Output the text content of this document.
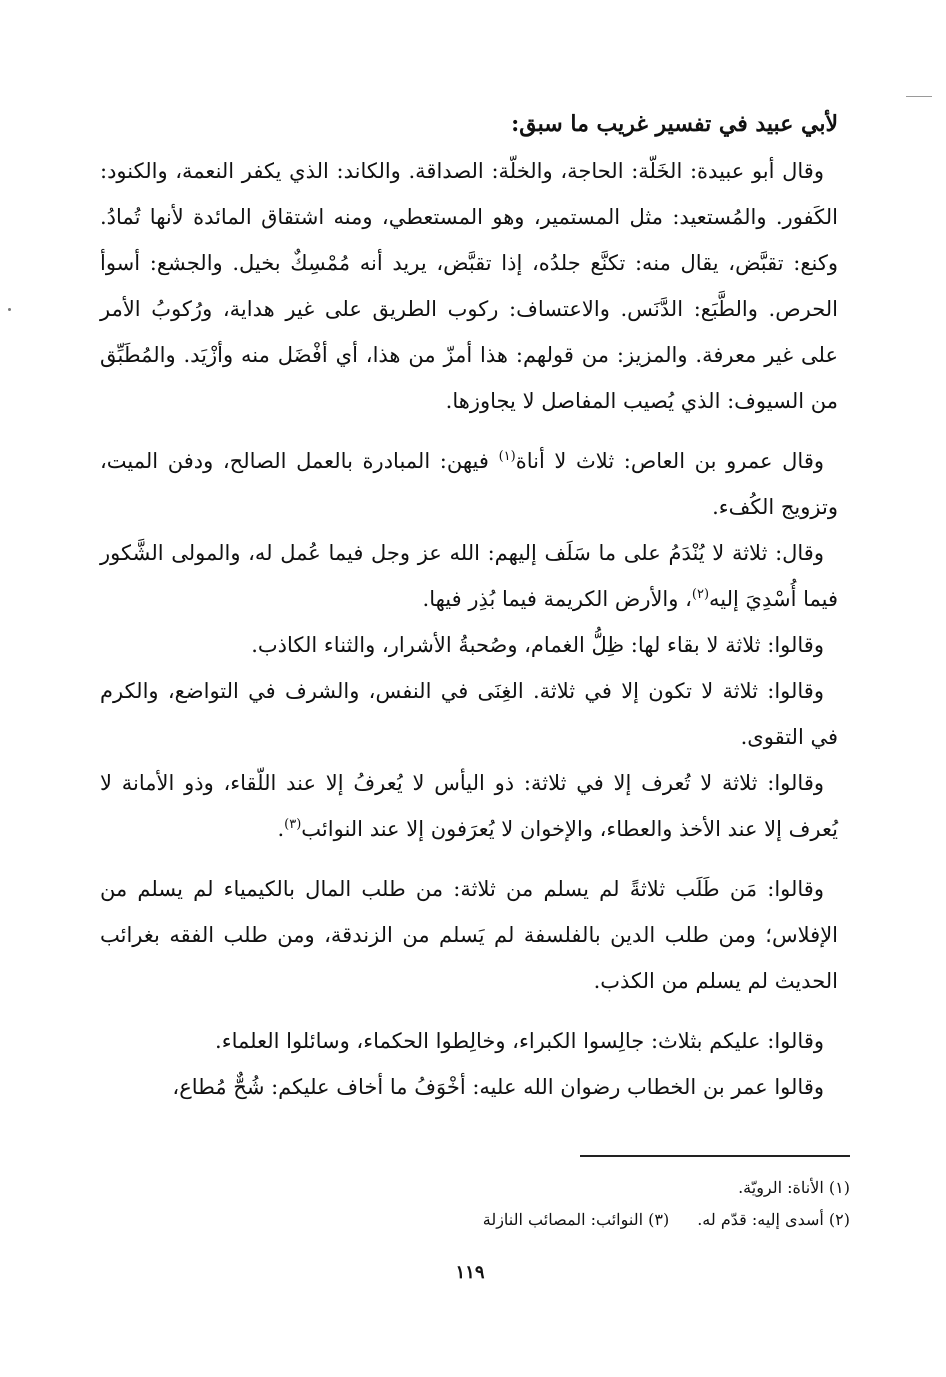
لأبي عبيد في تفسير غريب ما سبق:

وقال أبو عبيدة: الخَلّة: الحاجة، والخلّة: الصداقة. والكاند: الذي يكفر النعمة، والكنود: الكَفور. والمُستعيد: مثل المستمير، وهو المستعطي، ومنه اشتقاق المائدة لأنها تُمادُ. وكنع: تقبَّض، يقال منه: تكنَّع جلدُه، إذا تقبَّض، يريد أنه مُمْسِكٌ بخيل. والجشع: أسوأ الحرص. والطَّبَع: الدَّنَس. والاعتساف: ركوب الطريق على غير هداية، ورُكوبُ الأمر على غير معرفة. والمزيز: من قولهم: هذا أمزّ من هذا، أي أفْضَل منه وأزْيَد. والمُطَبِّق من السيوف: الذي يُصيب المفاصل لا يجاوزها.

وقال عمرو بن العاص: ثلاث لا أناة$^{(١)}$ فيهن: المبادرة بالعمل الصالح، ودفن الميت، وتزويج الكُفء.

وقال: ثلاثة لا يُنْدَمُ على ما سَلَف إليهم: الله عز وجل فيما عُمل له، والمولى الشَّكور فيما أُسْدِيَ إليه$^{(٢)}$، والأرض الكريمة فيما بُذِر فيها.

وقالوا: ثلاثة لا بقاء لها: ظِلُّ الغمام، وصُحبةُ الأشرار، والثناء الكاذب.

وقالوا: ثلاثة لا تكون إلا في ثلاثة. الغِنَى في النفس، والشرف في التواضع، والكرم في التقوى.

وقالوا: ثلاثة لا تُعرف إلا في ثلاثة: ذو اليأس لا يُعرفُ إلا عند اللّقاء، وذو الأمانة لا يُعرف إلا عند الأخذ والعطاء، والإخوان لا يُعرَفون إلا عند النوائب$^{(٣)}$.

وقالوا: مَن طَلَب ثلاثةً لم يسلم من ثلاثة: من طلب المال بالكيمياء لم يسلم من الإفلاس؛ ومن طلب الدين بالفلسفة لم يَسلم من الزندقة، ومن طلب الفقه بغرائب الحديث لم يسلم من الكذب.

وقالوا: عليكم بثلاث: جالِسوا الكبراء، وخالِطوا الحكماء، وسائلوا العلماء.

وقالوا عمر بن الخطاب رضوان الله عليه: أخْوَفُ ما أخاف عليكم: شُحٌّ مُطاع،

(١) الأناة: الرويّة.

(٢) أسدى إليه: قدّم له.(٣) النوائب: المصائب النازلة

١١٩
